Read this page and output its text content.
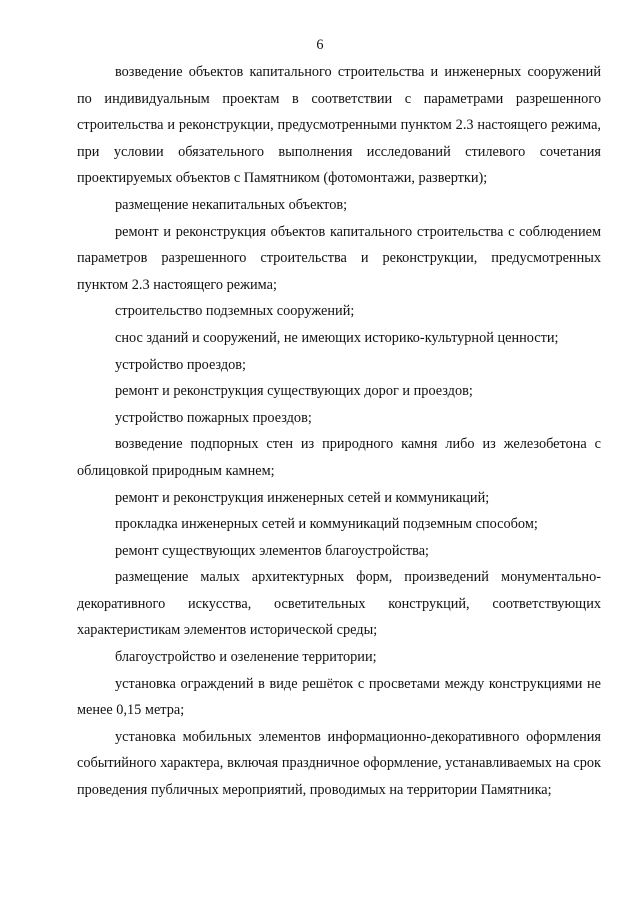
6

возведение объектов капитального строительства и инженерных сооружений по индивидуальным проектам в соответствии с параметрами разрешенного строительства и реконструкции, предусмотренными пунктом 2.3 настоящего режима, при условии обязательного выполнения исследований стилевого сочетания проектируемых объектов с Памятником (фотомонтажи, развертки);

размещение некапитальных объектов;

ремонт и реконструкция объектов капитального строительства с соблюдением параметров разрешенного строительства и реконструкции, предусмотренных пунктом 2.3 настоящего режима;

строительство подземных сооружений;

снос зданий и сооружений, не имеющих историко-культурной ценности;

устройство проездов;

ремонт и реконструкция существующих дорог и проездов;

устройство пожарных проездов;

возведение подпорных стен из природного камня либо из железобетона с облицовкой природным камнем;

ремонт и реконструкция инженерных сетей и коммуникаций;

прокладка инженерных сетей и коммуникаций подземным способом;

ремонт существующих элементов благоустройства;

размещение малых архитектурных форм, произведений монументально-декоративного искусства, осветительных конструкций, соответствующих характеристикам элементов исторической среды;

благоустройство и озеленение территории;

установка ограждений в виде решёток с просветами между конструкциями не менее 0,15 метра;

установка мобильных элементов информационно-декоративного оформления событийного характера, включая праздничное оформление, устанавливаемых на срок проведения публичных мероприятий, проводимых на территории Памятника;
